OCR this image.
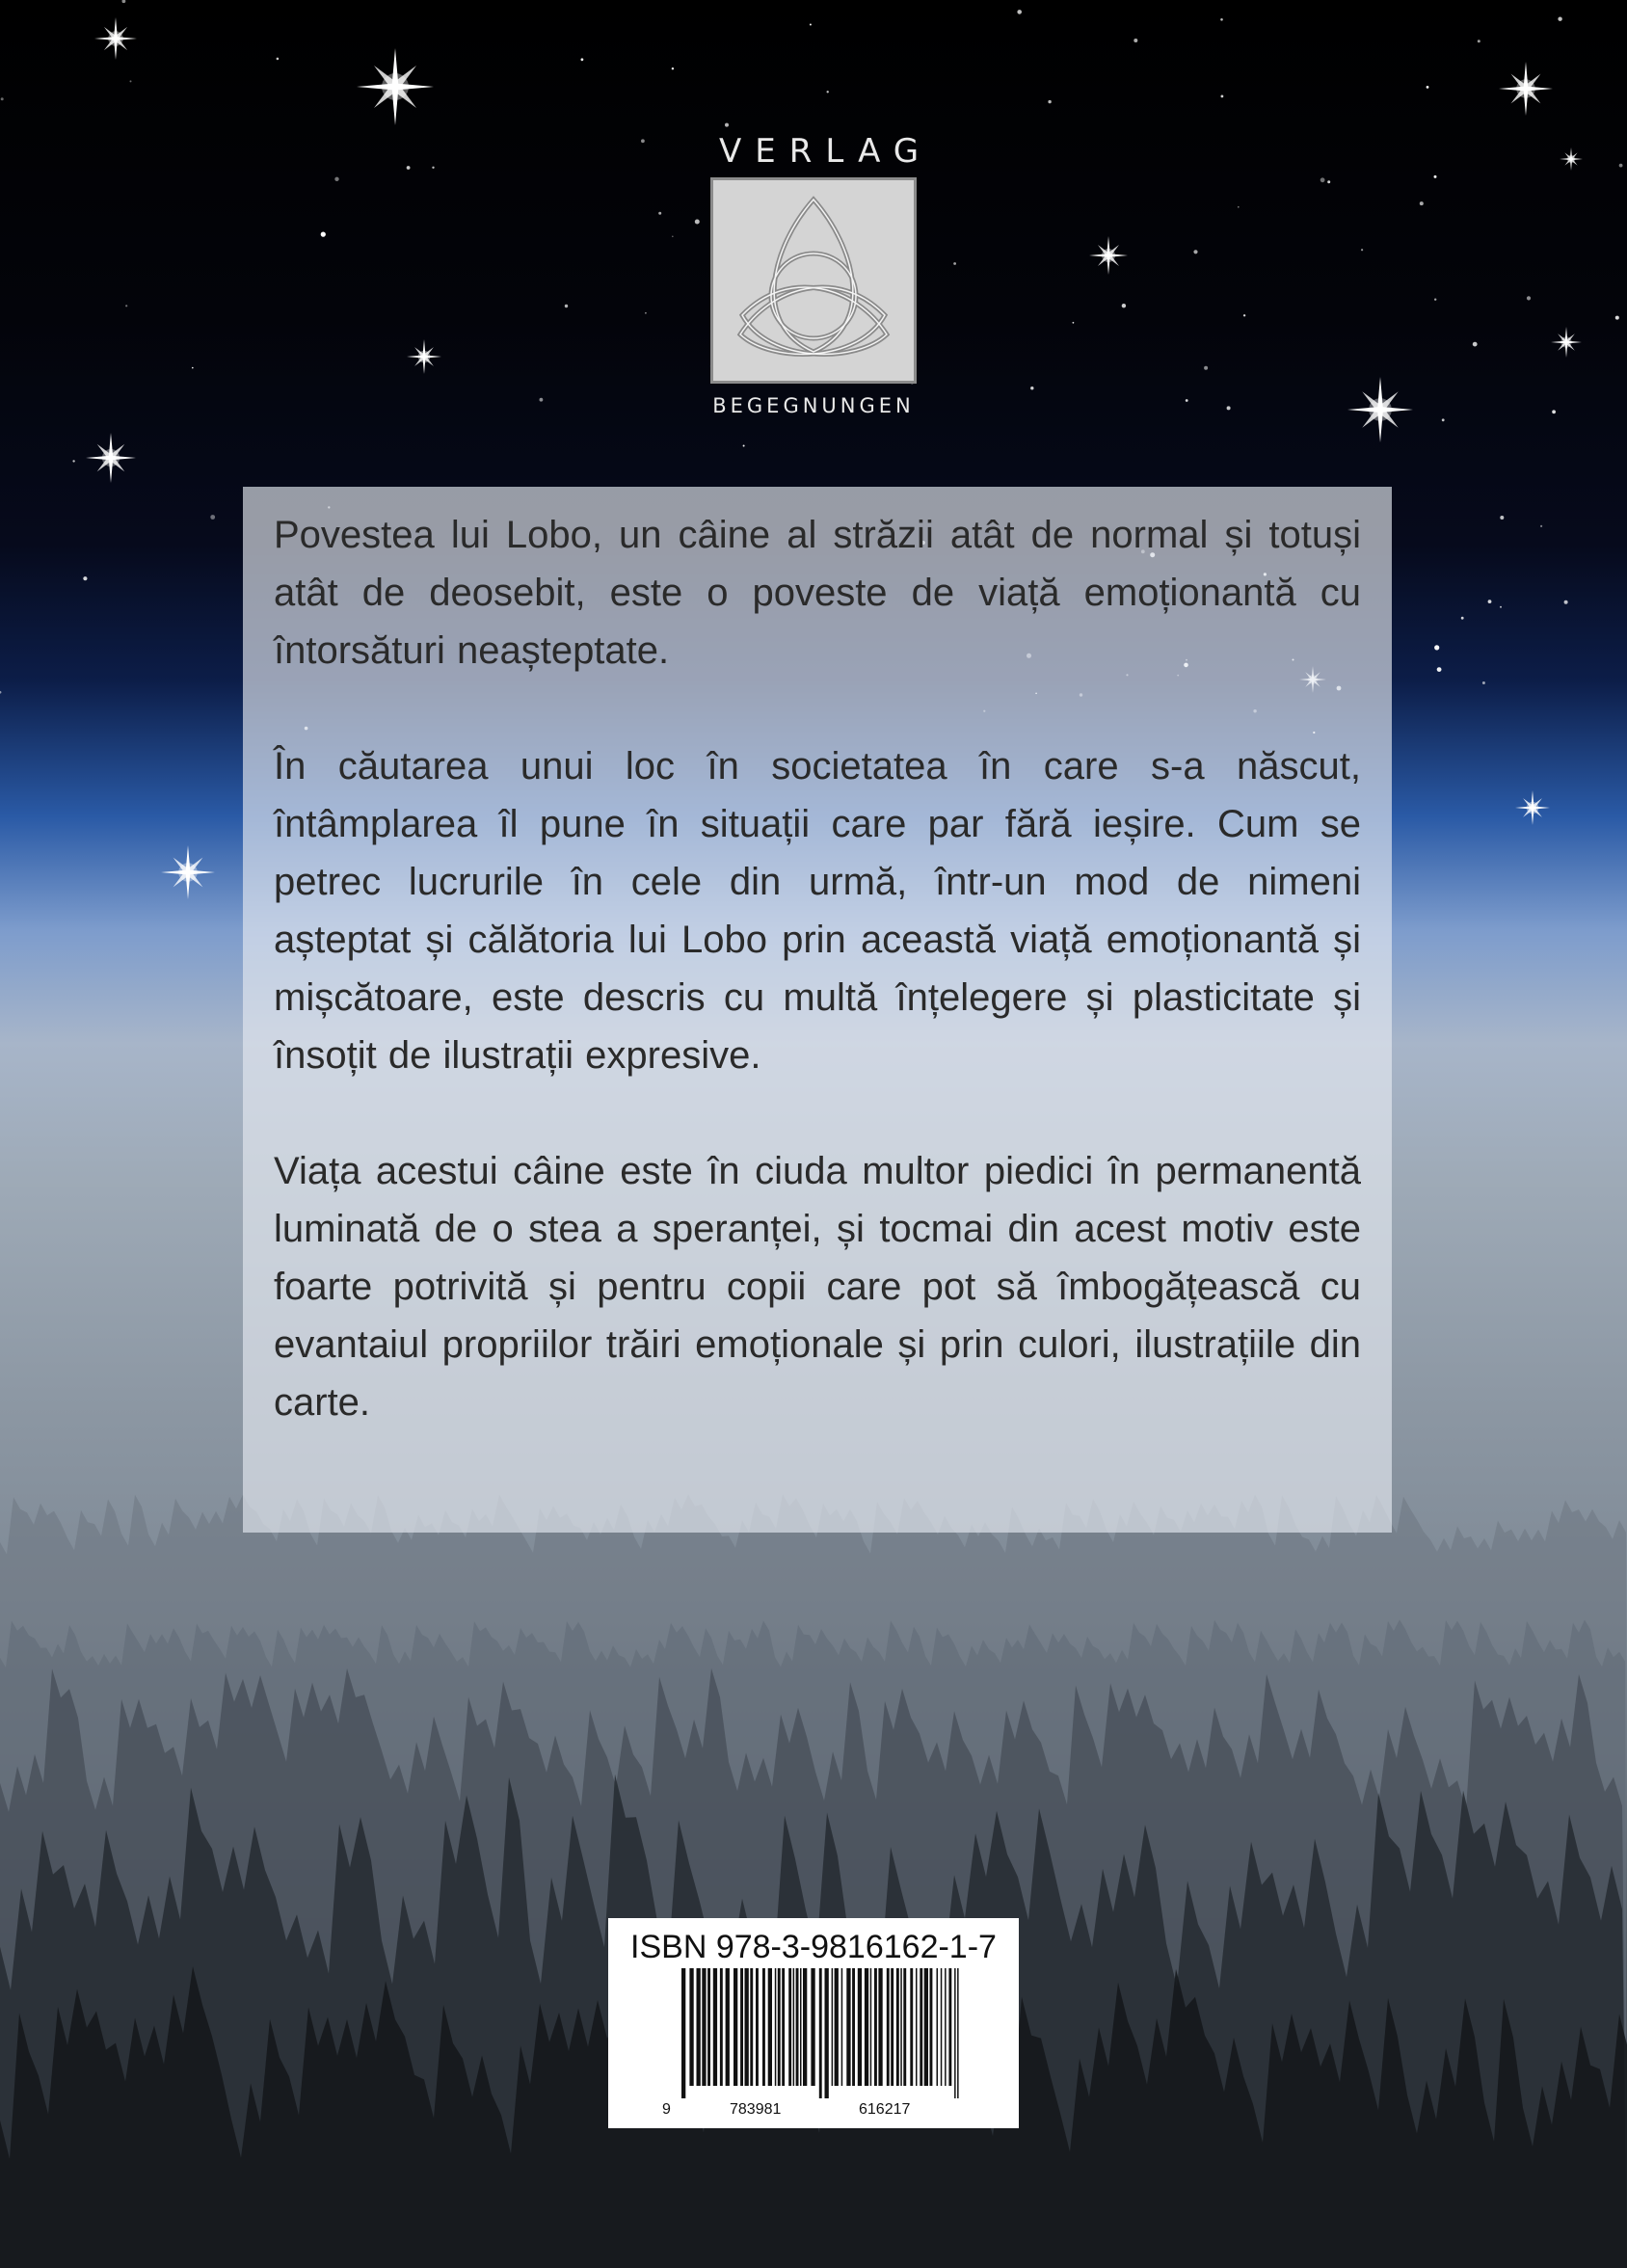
VERLAG
BEGEGNUNGEN

Povestea lui Lobo, un câine al străzii atât de normal și totuși atât de deosebit, este o poveste de viață emoționantă cu întorsături neașteptate.

În căutarea unui loc în societatea în care s-a născut, întâmplarea îl pune în situații care par fără ieșire. Cum se petrec lucrurile în cele din urmă, într-un mod de nimeni așteptat și călătoria lui Lobo prin această viață emoționantă și mișcătoare, este descris cu multă înțelegere și plasticitate și însoțit de ilustrații expresive.

Viața acestui câine este în ciuda multor piedici în permanentă luminată de o stea a speranței, și tocmai din acest motiv este foarte potrivită și pentru copii care pot să îmbogățească cu evantaiul propriilor trăiri emoționale și prin culori, ilustrațiile din carte.

ISBN 978-3-9816162-1-7
9	783981	616217
